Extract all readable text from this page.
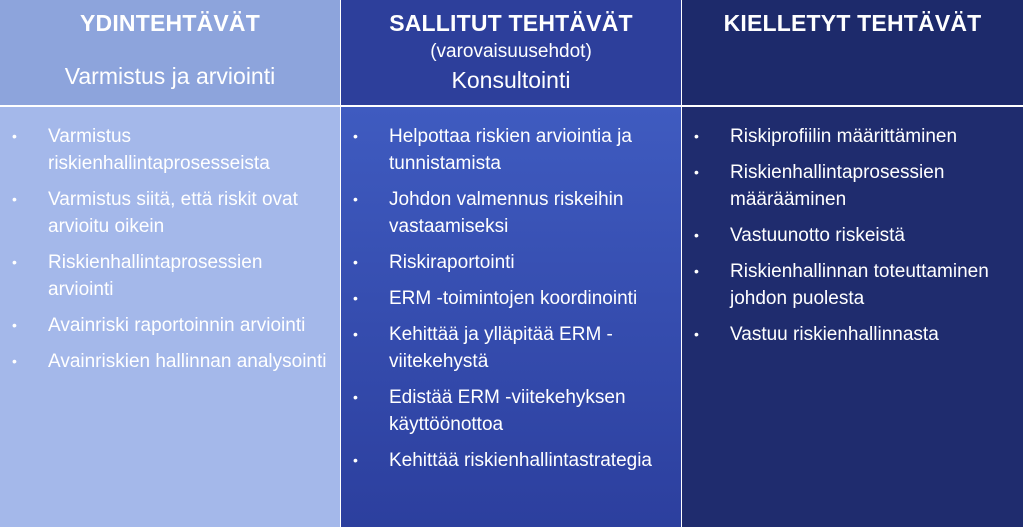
YDINTEHTÄVÄT
Varmistus ja arviointi
SALLITUT TEHTÄVÄT
(varovaisuusehdot)
Konsultointi
KIELLETYT TEHTÄVÄT
• Varmistus riskienhallintaprosesseista
• Varmistus siitä, että riskit ovat arvioitu oikein
• Riskienhallintaprosessien arviointi
• Avainriski raportoinnin arviointi
• Avainriskien hallinnan analysointi
• Helpottaa riskien arviointia ja tunnistamista
• Johdon valmennus riskeihin vastaamiseksi
• Riskiraportointi
• ERM -toimintojen koordinointi
• Kehittää ja ylläpitää ERM -viitekehystä
• Edistää ERM -viitekehyksen käyttöönottoa
• Kehittää riskienhallintastrategia
• Riskiprofiilin määrittäminen
• Riskienhallintaprosessien määrääminen
• Vastuunotto riskeistä
• Riskienhallinnan toteuttaminen johdon puolesta
• Vastuu riskienhallinnasta
